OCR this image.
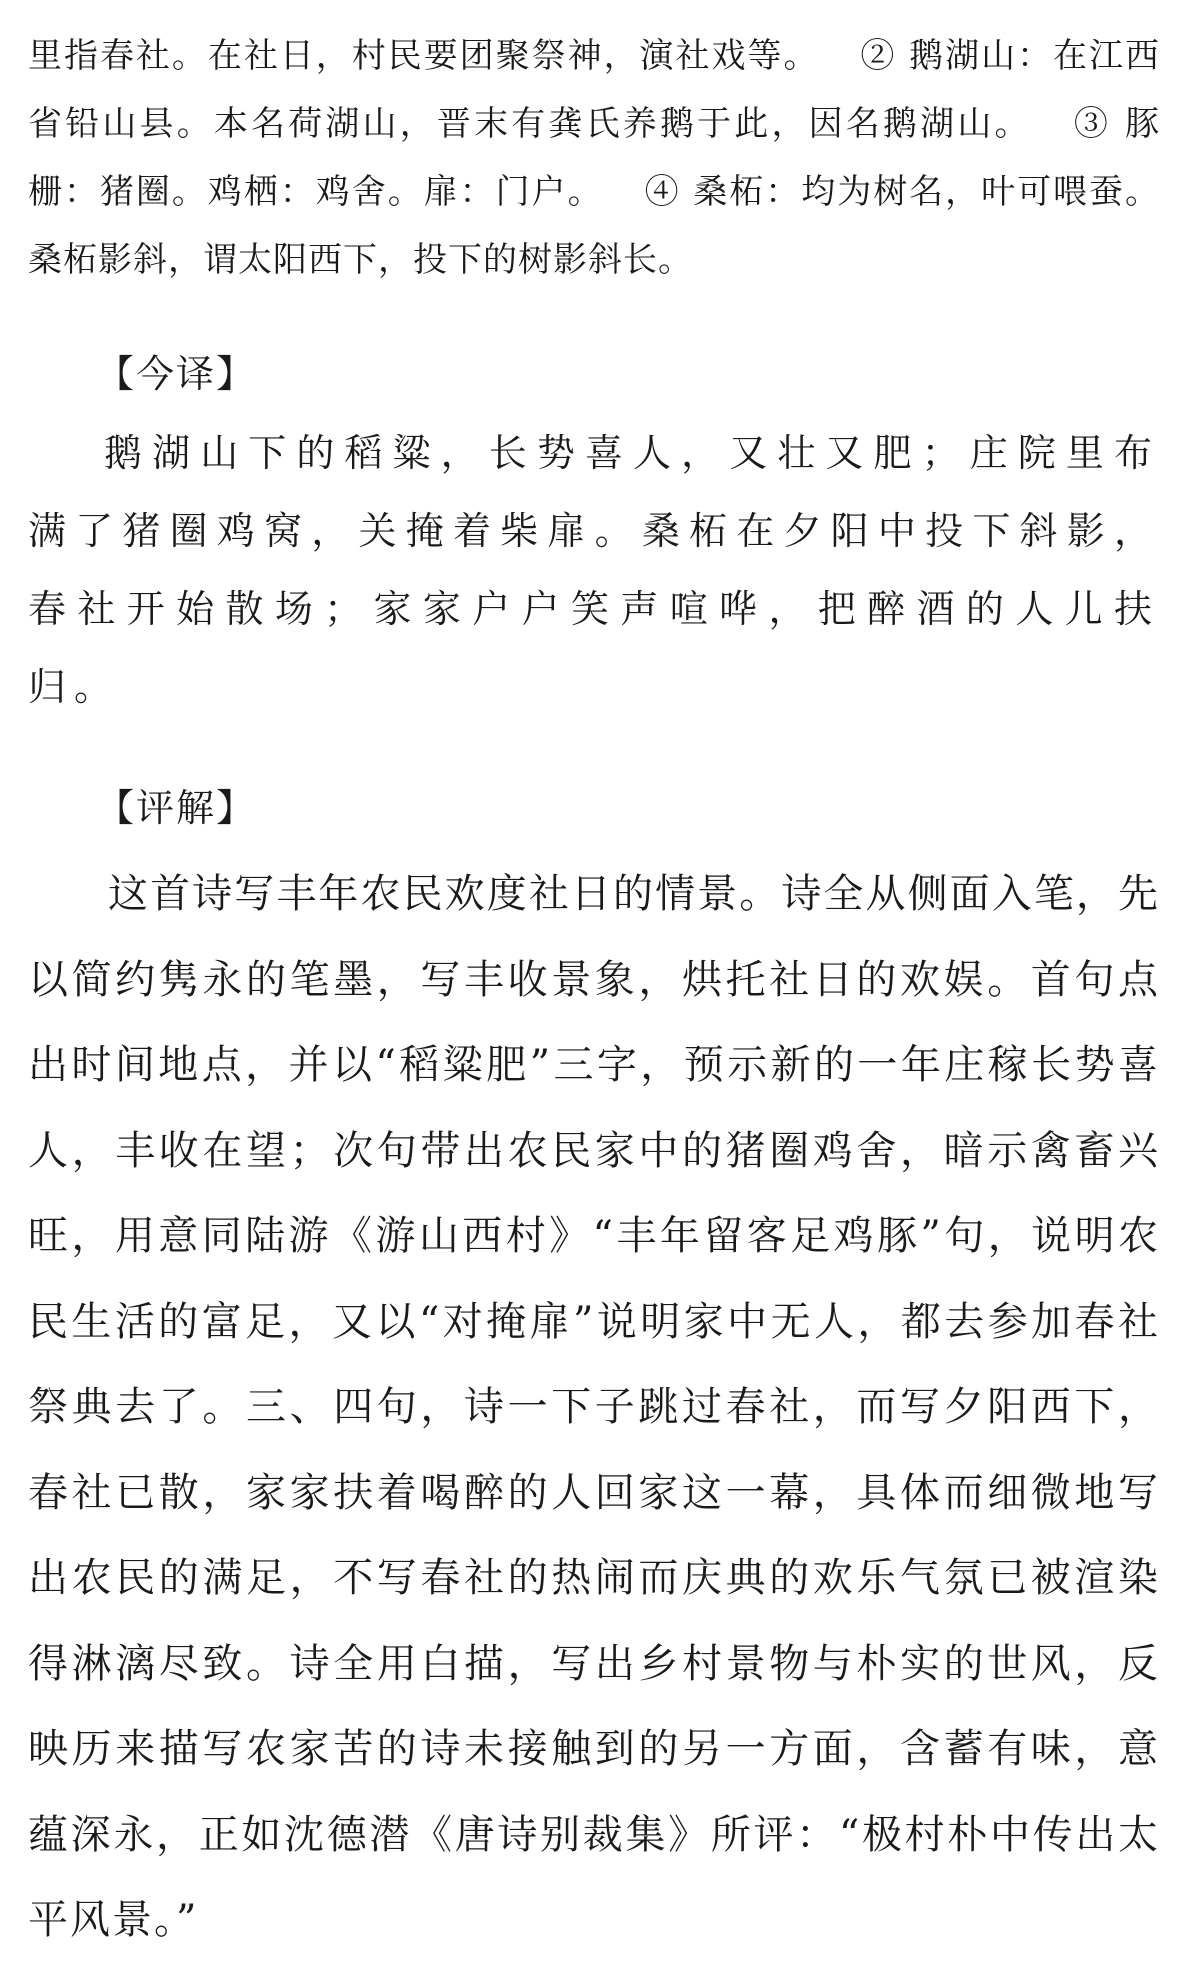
里指春社。在社日，村民要团聚祭神，演社戏等。 ② 鹅湖山：在江西省铅山县。本名荷湖山，晋末有龚氏养鹅于此，因名鹅湖山。 ③ 豚栅：猪圈。鸡栖：鸡舍。扉：门户。 ④ 桑柘：均为树名，叶可喂蚕。桑柘影斜，谓太阳西下，投下的树影斜长。

【今译】

鹅湖山下的稻粱，长势喜人，又壮又肥；庄院里布满了猪圈鸡窝，关掩着柴扉。桑柘在夕阳中投下斜影，春社开始散场；家家户户笑声喧哗，把醉酒的人儿扶归。

【评解】

这首诗写丰年农民欢度社日的情景。诗全从侧面入笔，先以简约隽永的笔墨，写丰收景象，烘托社日的欢娱。首句点出时间地点，并以“稻粱肥”三字，预示新的一年庄稼长势喜人，丰收在望；次句带出农民家中的猪圈鸡舍，暗示禽畜兴旺，用意同陆游《游山西村》“丰年留客足鸡豚”句，说明农民生活的富足，又以“对掩扉”说明家中无人，都去参加春社祭典去了。三、四句，诗一下子跳过春社，而写夕阳西下，春社已散，家家扶着喝醉的人回家这一幕，具体而细微地写出农民的满足，不写春社的热闹而庆典的欢乐气氛已被渲染得淋漓尽致。诗全用白描，写出乡村景物与朴实的世风，反映历来描写农家苦的诗未接触到的另一方面，含蓄有味，意蕴深永，正如沈德潜《唐诗别裁集》所评：“极村朴中传出太平风景。”
